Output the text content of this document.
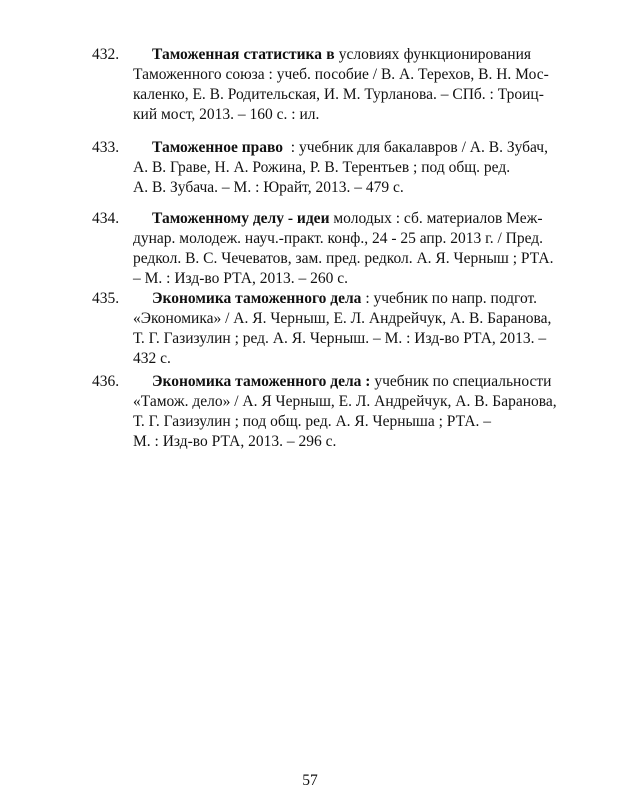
432. Таможенная статистика в условиях функционирования
Таможенного союза : учеб. пособие / В. А. Терехов, В. Н. Мос-
каленко, Е. В. Родительская, И. М. Турланова. – СПб. : Троиц-
кий мост, 2013. – 160 с. : ил.
433. Таможенное право  : учебник для бакалавров / А. В. Зубач,
А. В. Граве, Н. А. Рожина, Р. В. Терентьев ; под общ. ред.
А. В. Зубача. – М. : Юрайт, 2013. – 479 с.
434. Таможенному делу - идеи молодых : сб. материалов Меж-
дунар. молодеж. науч.-практ. конф., 24 - 25 апр. 2013 г. / Пред.
редкол. В. С. Чечеватов, зам. пред. редкол. А. Я. Черныш ; РТА.
– М. : Изд-во РТА, 2013. – 260 с.
435. Экономика таможенного дела : учебник по напр. подгот.
«Экономика» / А. Я. Черныш, Е. Л. Андрейчук, А. В. Баранова,
Т. Г. Газизулин ; ред. А. Я. Черныш. – М. : Изд-во РТА, 2013. –
432 с.
436. Экономика таможенного дела : учебник по специальности
«Тамож. дело» / А. Я Черныш, Е. Л. Андрейчук, А. В. Баранова,
Т. Г. Газизулин ; под общ. ред. А. Я. Черныша ; РТА. –
М. : Изд-во РТА, 2013. – 296 с.
57
